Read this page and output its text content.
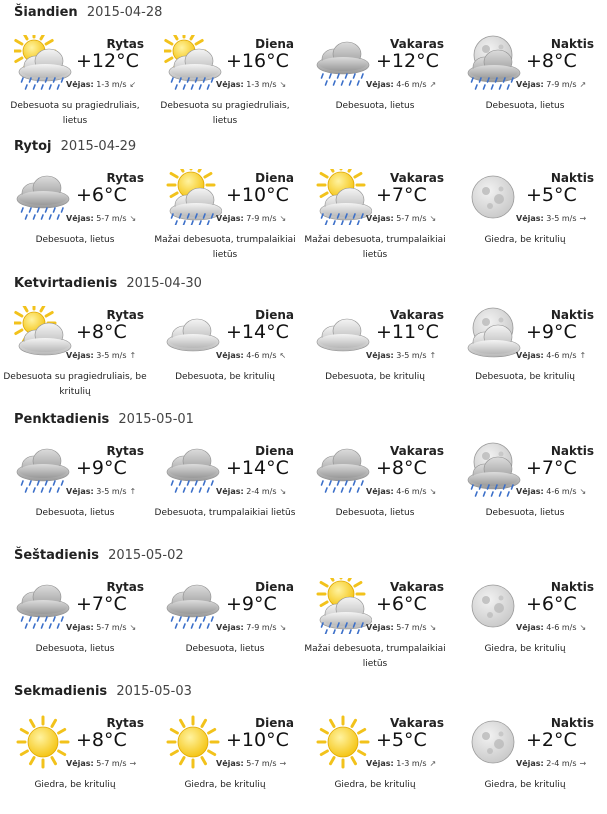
Šiandien 2015-04-28
Rytas
+12°C
Vėjas: 1-3 m/s ↙
Debesuota su pragiedruliais, lietus
Diena
+16°C
Vėjas: 1-3 m/s ↘
Debesuota su pragiedruliais, lietus
Vakaras
+12°C
Vėjas: 4-6 m/s ↗
Debesuota, lietus
Naktis
+8°C
Vėjas: 7-9 m/s ↗
Debesuota, lietus
Rytoj 2015-04-29
Rytas
+6°C
Vėjas: 5-7 m/s ↘
Debesuota, lietus
Diena
+10°C
Vėjas: 7-9 m/s ↘
Mažai debesuota, trumpalaikiai lietūs
Vakaras
+7°C
Vėjas: 5-7 m/s ↘
Mažai debesuota, trumpalaikiai lietūs
Naktis
+5°C
Vėjas: 3-5 m/s →
Giedra, be kritulių
Ketvirtadienis 2015-04-30
Rytas
+8°C
Vėjas: 3-5 m/s ↑
Debesuota su pragiedruliais, be kritulių
Diena
+14°C
Vėjas: 4-6 m/s ↖
Debesuota, be kritulių
Vakaras
+11°C
Vėjas: 3-5 m/s ↑
Debesuota, be kritulių
Naktis
+9°C
Vėjas: 4-6 m/s ↑
Debesuota, be kritulių
Penktadienis 2015-05-01
Rytas
+9°C
Vėjas: 3-5 m/s ↑
Debesuota, lietus
Diena
+14°C
Vėjas: 2-4 m/s ↘
Debesuota, trumpalaikiai lietūs
Vakaras
+8°C
Vėjas: 4-6 m/s ↘
Debesuota, lietus
Naktis
+7°C
Vėjas: 4-6 m/s ↘
Debesuota, lietus
Šeštadienis 2015-05-02
Rytas
+7°C
Vėjas: 5-7 m/s ↘
Debesuota, lietus
Diena
+9°C
Vėjas: 7-9 m/s ↘
Debesuota, lietus
Vakaras
+6°C
Vėjas: 5-7 m/s ↘
Mažai debesuota, trumpalaikiai lietūs
Naktis
+6°C
Vėjas: 4-6 m/s ↘
Giedra, be kritulių
Sekmadienis 2015-05-03
Rytas
+8°C
Vėjas: 5-7 m/s →
Giedra, be kritulių
Diena
+10°C
Vėjas: 5-7 m/s →
Giedra, be kritulių
Vakaras
+5°C
Vėjas: 1-3 m/s ↗
Giedra, be kritulių
Naktis
+2°C
Vėjas: 2-4 m/s →
Giedra, be kritulių
